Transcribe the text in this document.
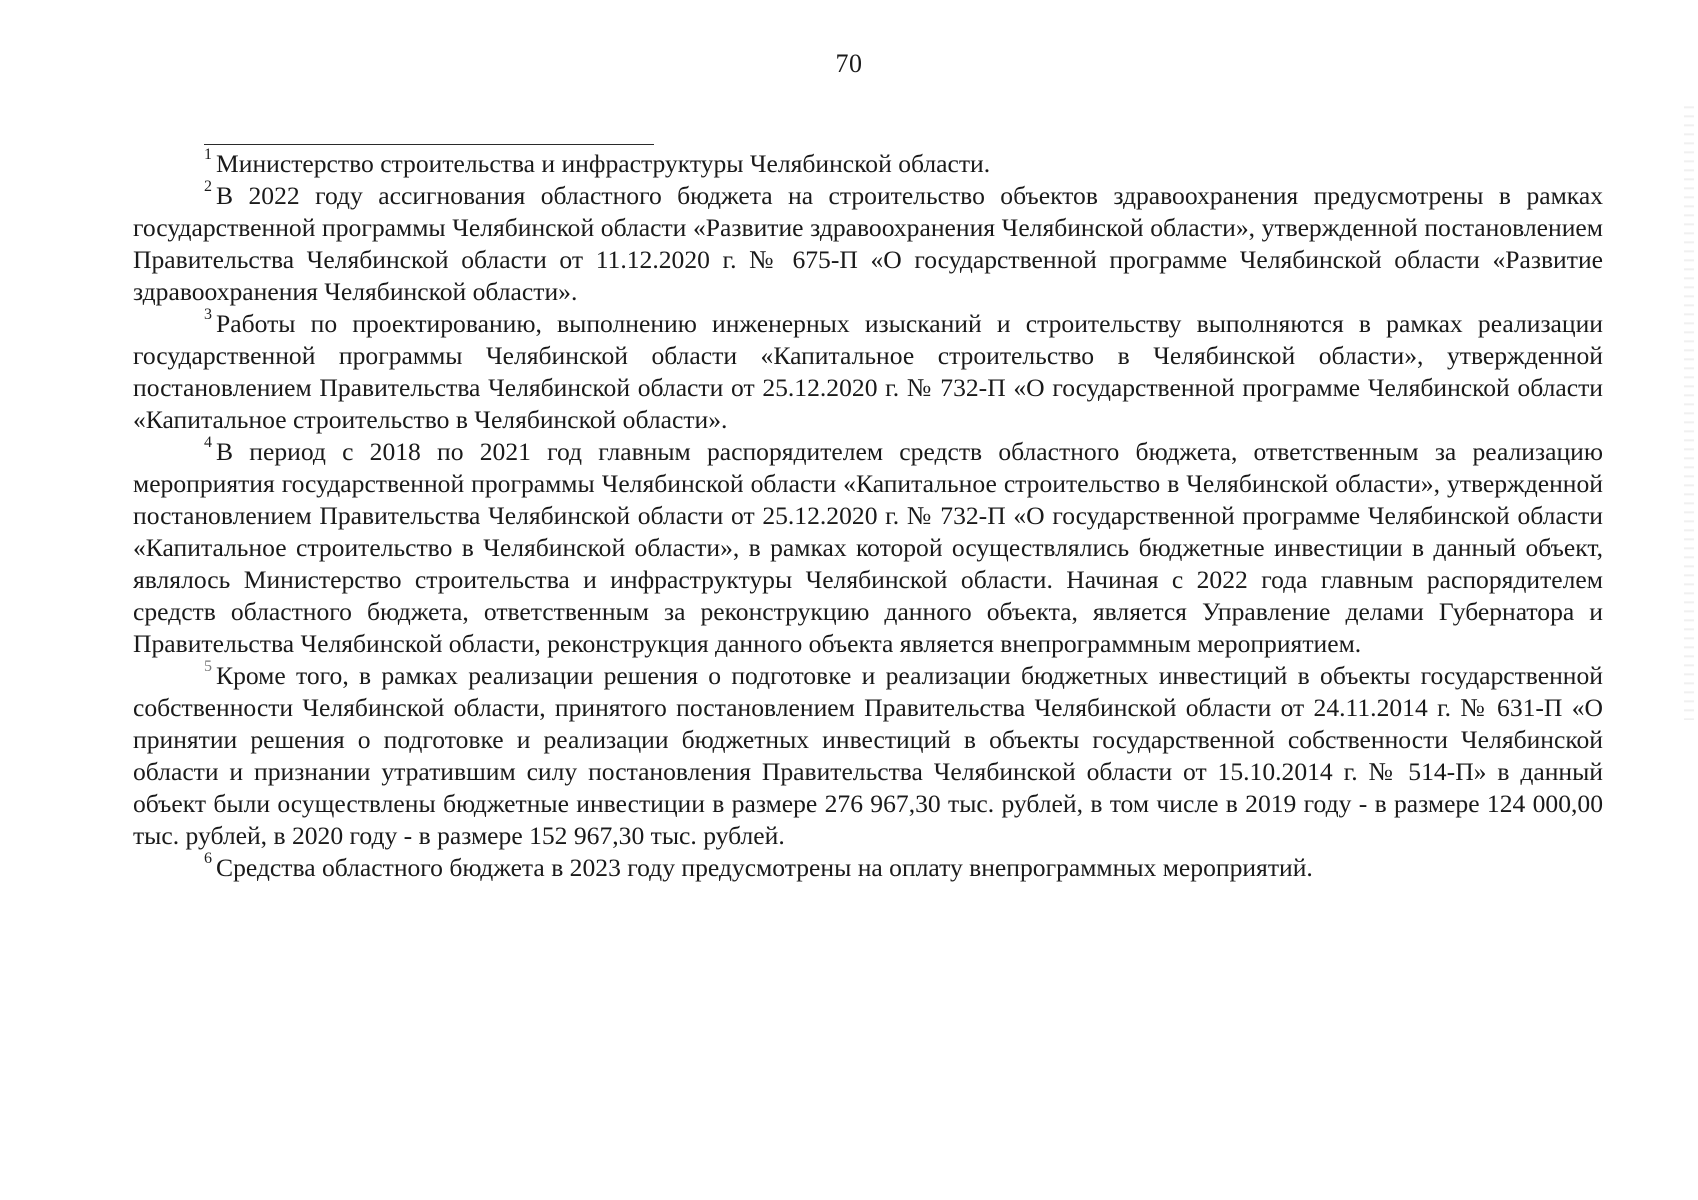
70

$^1$ Министерство строительства и инфраструктуры Челябинской области.

$^2$ В 2022 году ассигнования областного бюджета на строительство объектов здравоохранения предусмотрены в рамках государственной программы Челябинской области «Развитие здравоохранения Челябинской области», утвержденной постановлением Правительства Челябинской области от 11.12.2020 г. № 675-П «О государственной программе Челябинской области «Развитие здравоохранения Челябинской области».

$^3$ Работы по проектированию, выполнению инженерных изысканий и строительству выполняются в рамках реализации государственной программы Челябинской области «Капитальное строительство в Челябинской области», утвержденной постановлением Правительства Челябинской области от 25.12.2020 г. № 732-П «О государственной программе Челябинской области «Капитальное строительство в Челябинской области».

$^4$ В период с 2018 по 2021 год главным распорядителем средств областного бюджета, ответственным за реализацию мероприятия государственной программы Челябинской области «Капитальное строительство в Челябинской области», утвержденной постановлением Правительства Челябинской области от 25.12.2020 г. № 732-П «О государственной программе Челябинской области «Капитальное строительство в Челябинской области», в рамках которой осуществлялись бюджетные инвестиции в данный объект, являлось Министерство строительства и инфраструктуры Челябинской области. Начиная с 2022 года главным распорядителем средств областного бюджета, ответственным за реконструкцию данного объекта, является Управление делами Губернатора и Правительства Челябинской области, реконструкция данного объекта является внепрограммным мероприятием.

$^5$ Кроме того, в рамках реализации решения о подготовке и реализации бюджетных инвестиций в объекты государственной собственности Челябинской области, принятого постановлением Правительства Челябинской области от 24.11.2014 г. № 631-П «О принятии решения о подготовке и реализации бюджетных инвестиций в объекты государственной собственности Челябинской области и признании утратившим силу постановления Правительства Челябинской области от 15.10.2014 г. № 514-П» в данный объект были осуществлены бюджетные инвестиции в размере 276 967,30 тыс. рублей, в том числе в 2019 году - в размере 124 000,00 тыс. рублей, в 2020 году - в размере 152 967,30 тыс. рублей.

$^6$ Средства областного бюджета в 2023 году предусмотрены на оплату внепрограммных мероприятий.
